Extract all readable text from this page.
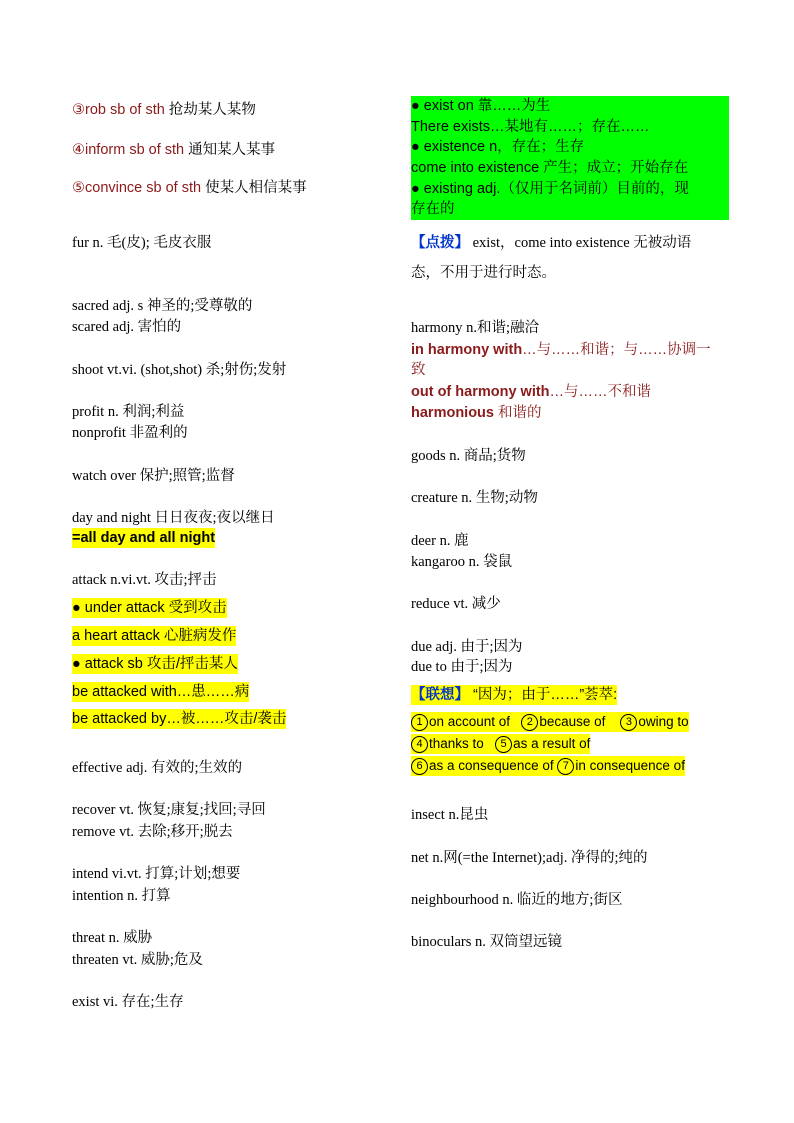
③rob sb of sth 抢劫某人某物
④inform sb of sth 通知某人某事
⑤convince sb of sth 使某人相信某事
fur n. 毛(皮); 毛皮衣服
sacred adj. s 神圣的;受尊敬的
scared adj. 害怕的
shoot vt.vi. (shot,shot) 杀;射伤;发射
profit n. 利润;利益
nonprofit 非盈利的
watch over 保护;照管;监督
day and night 日日夜夜;夜以继日
=all day and all night
attack n.vi.vt. 攻击;抨击
● under attack 受到攻击
a heart attack 心脏病发作
● attack sb 攻击/抨击某人
be attacked with…患……病
be attacked by…被……攻击/袭击
effective adj. 有效的;生效的
recover vt. 恢复;康复;找回;寻回
remove vt. 去除;移开;脱去
intend vi.vt. 打算;计划;想要
intention n. 打算
threat n. 威胁
threaten vt. 威胁;危及
exist vi. 存在;生存
● exist on 靠……为生
There exists…某地有……；存在……
● existence n，存在；生存
come into existence 产生；成立；开始存在
● existing adj.（仅用于名词前）目前的，现
存在的
【点拨】 exist，come into existence 无被动语
态，不用于进行时态。
harmony n.和谐;融洽
in harmony with…与……和谐；与……协调一
致
out of harmony with…与……不和谐
harmonious 和谐的
goods n. 商品;货物
creature n. 生物;动物
deer n. 鹿
kangaroo n. 袋鼠
reduce vt. 减少
due adj. 由于;因为
due to 由于;因为
【联想】 “因为；由于……”荟萃:
1 on account of 2 because of 3 owing to
4 thanks to 5 as a result of
6 as a consequence of 7 in consequence of
insect n.昆虫
net n.网(=the Internet);adj. 净得的;纯的
neighbourhood n. 临近的地方;街区
binoculars n. 双筒望远镜
